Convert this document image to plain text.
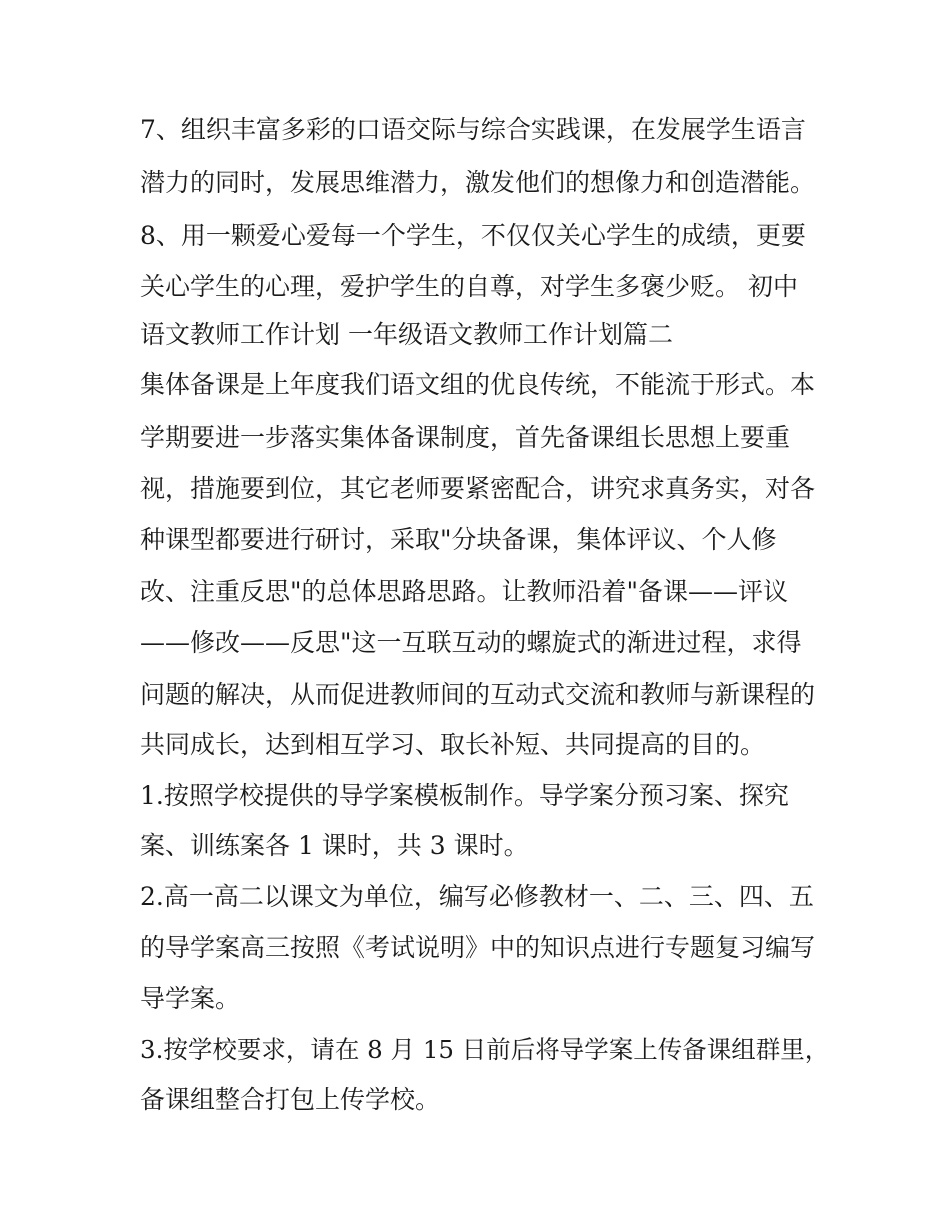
7、组织丰富多彩的口语交际与综合实践课，在发展学生语言

潜力的同时，发展思维潜力，激发他们的想像力和创造潜能。

8、用一颗爱心爱每一个学生，不仅仅关心学生的成绩，更要

关心学生的心理，爱护学生的自尊，对学生多褒少贬。 初中

语文教师工作计划 一年级语文教师工作计划篇二

集体备课是上年度我们语文组的优良传统，不能流于形式。本

学期要进一步落实集体备课制度，首先备课组长思想上要重

视，措施要到位，其它老师要紧密配合，讲究求真务实，对各

种课型都要进行研讨，采取"分块备课，集体评议、个人修

改、注重反思"的总体思路思路。让教师沿着"备课——评议

——修改——反思"这一互联互动的螺旋式的渐进过程，求得

问题的解决，从而促进教师间的互动式交流和教师与新课程的

共同成长，达到相互学习、取长补短、共同提高的目的。

1.按照学校提供的导学案模板制作。导学案分预习案、探究

案、训练案各 1 课时，共 3 课时。

2.高一高二以课文为单位，编写必修教材一、二、三、四、五

的导学案高三按照《考试说明》中的知识点进行专题复习编写

导学案。

3.按学校要求，请在 8 月 15 日前后将导学案上传备课组群里，

备课组整合打包上传学校。
